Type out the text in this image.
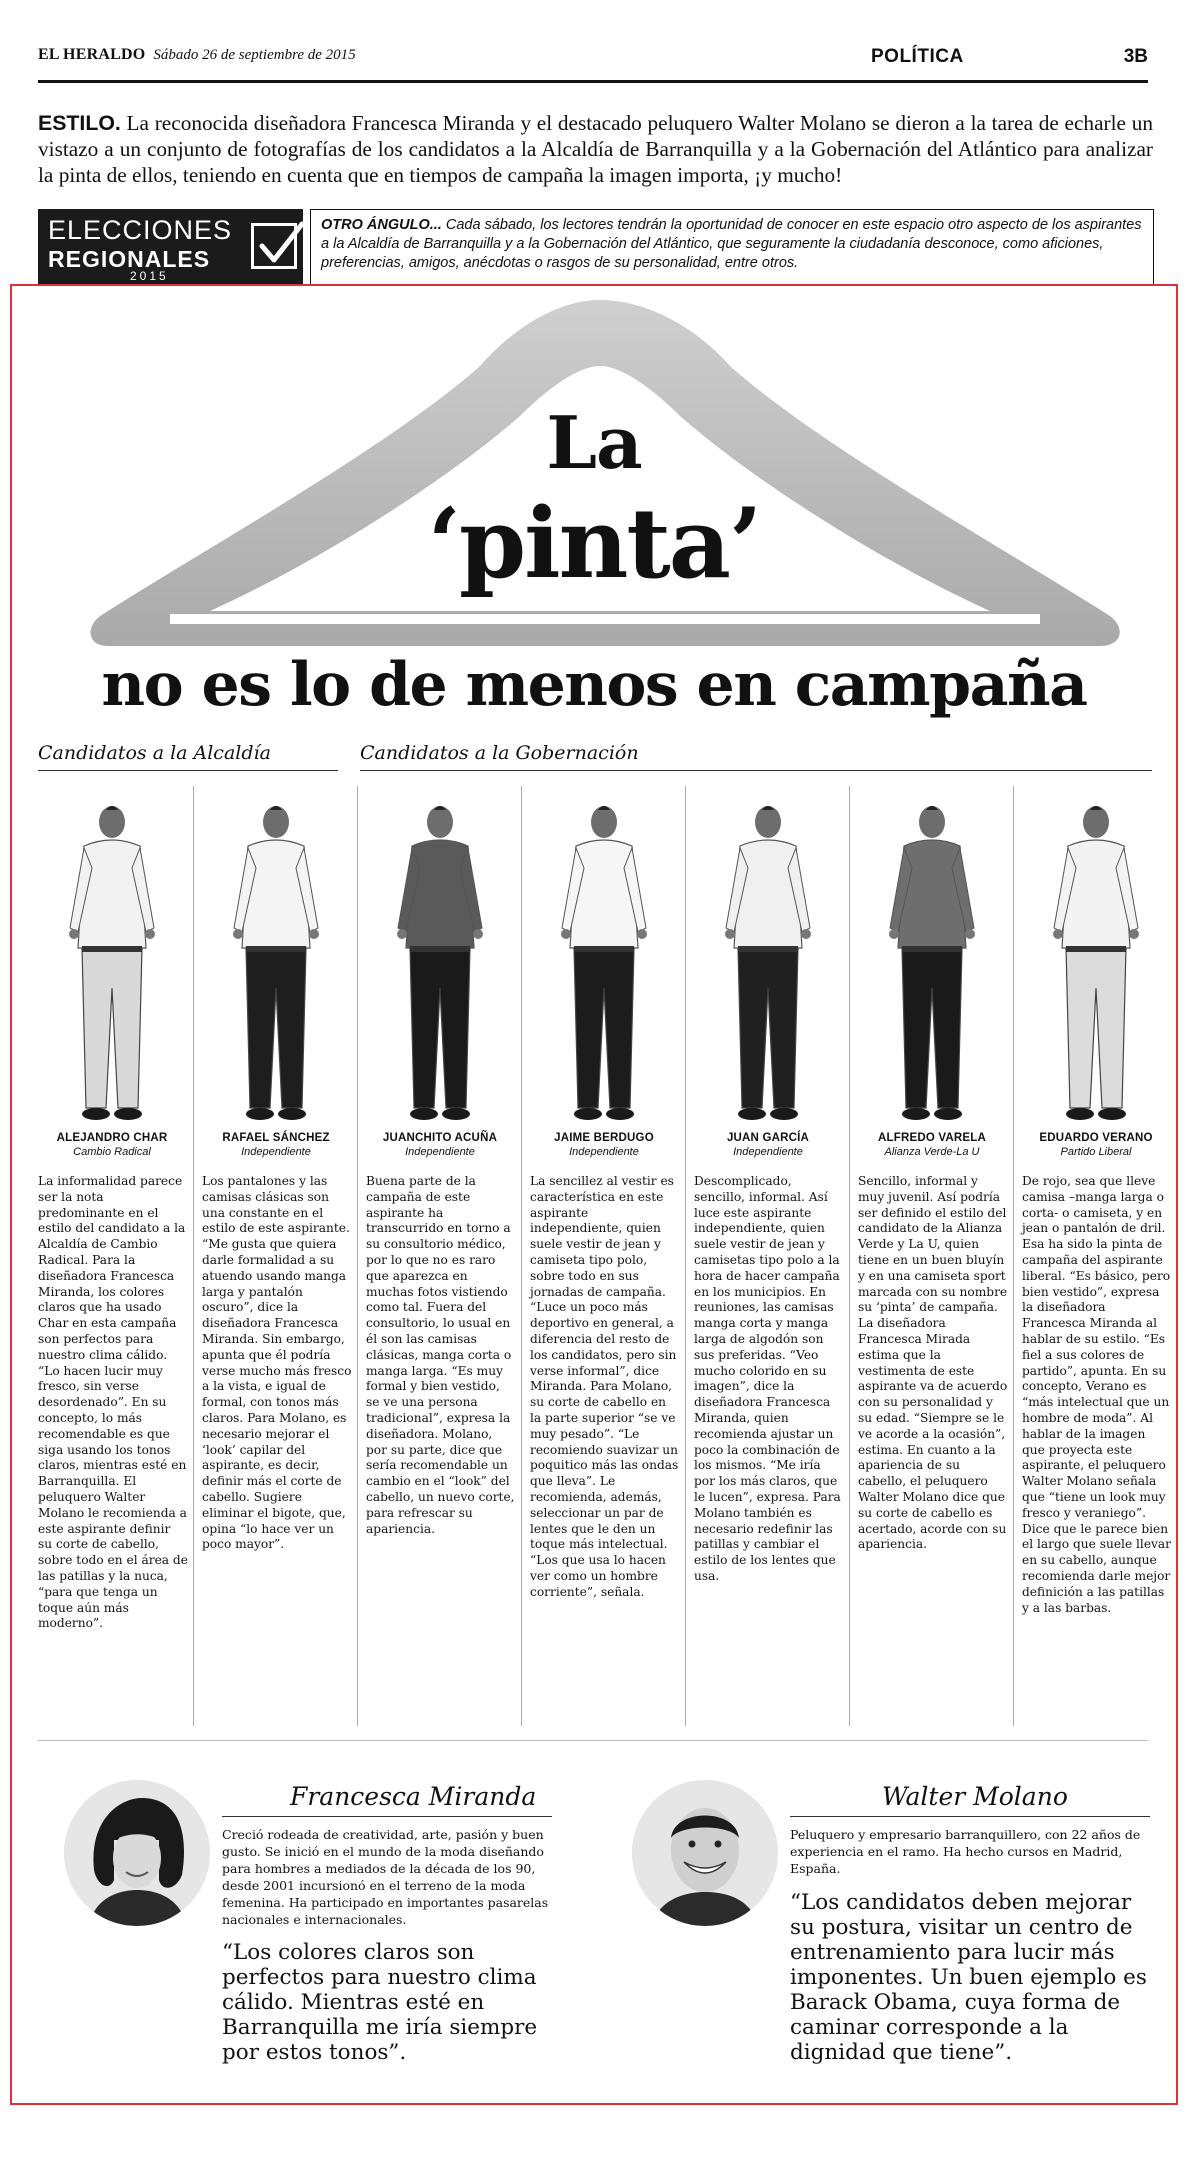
EL HERALDO Sábado 26 de septiembre de 2015	POLÍTICA	3B

ESTILO. La reconocida diseñadora Francesca Miranda y el destacado peluquero Walter Molano se dieron a la tarea de echarle un vistazo a un conjunto de fotografías de los candidatos a la Alcaldía de Barranquilla y a la Gobernación del Atlántico para analizar la pinta de ellos, teniendo en cuenta que en tiempos de campaña la imagen importa, ¡y mucho!

ELECCIONES
REGIONALES
2015
OTRO ÁNGULO... Cada sábado, los lectores tendrán la oportunidad de conocer en este espacio otro aspecto de los aspirantes a la Alcaldía de Barranquilla y a la Gobernación del Atlántico, que seguramente la ciudadanía desconoce, como aficiones, preferencias, amigos, anécdotas o rasgos de su personalidad, entre otros.
La
‘pinta’
no es lo de menos en campaña
Candidatos a la Alcaldía	Candidatos a la Gobernación
ALEJANDRO CHAR
Cambio Radical
La informalidad parece ser la nota predominante en el estilo del candidato a la Alcaldía de Cambio Radical. Para la diseñadora Francesca Miranda, los colores claros que ha usado Char en esta campaña son perfectos para nuestro clima cálido. “Lo hacen lucir muy fresco, sin verse desordenado”. En su concepto, lo más recomendable es que siga usando los tonos claros, mientras esté en Barranquilla. El peluquero Walter Molano le recomienda a este aspirante definir su corte de cabello, sobre todo en el área de las patillas y la nuca, “para que tenga un toque aún más moderno”.
RAFAEL SÁNCHEZ
Independiente
Los pantalones y las camisas clásicas son una constante en el estilo de este aspirante. “Me gusta que quiera darle formalidad a su atuendo usando manga larga y pantalón oscuro”, dice la diseñadora Francesca Miranda. Sin embargo, apunta que él podría verse mucho más fresco a la vista, e igual de formal, con tonos más claros. Para Molano, es necesario mejorar el ‘look’ capilar del aspirante, es decir, definir más el corte de cabello. Sugiere eliminar el bigote, que, opina “lo hace ver un poco mayor”.
JUANCHITO ACUÑA
Independiente
Buena parte de la campaña de este aspirante ha transcurrido en torno a su consultorio médico, por lo que no es raro que aparezca en muchas fotos vistiendo como tal. Fuera del consultorio, lo usual en él son las camisas clásicas, manga corta o manga larga. “Es muy formal y bien vestido, se ve una persona tradicional”, expresa la diseñadora. Molano, por su parte, dice que sería recomendable un cambio en el “look” del cabello, un nuevo corte, para refrescar su apariencia.
JAIME BERDUGO
Independiente
La sencillez al vestir es característica en este aspirante independiente, quien suele vestir de jean y camiseta tipo polo, sobre todo en sus jornadas de campaña. “Luce un poco más deportivo en general, a diferencia del resto de los candidatos, pero sin verse informal”, dice Miranda. Para Molano, su corte de cabello en la parte superior “se ve muy pesado”. “Le recomiendo suavizar un poquitico más las ondas que lleva”. Le recomienda, además, seleccionar un par de lentes que le den un toque más intelectual. “Los que usa lo hacen ver como un hombre corriente”, señala.
JUAN GARCÍA
Independiente
Descomplicado, sencillo, informal. Así luce este aspirante independiente, quien suele vestir de jean y camisetas tipo polo a la hora de hacer campaña en los municipios. En reuniones, las camisas manga corta y manga larga de algodón son sus preferidas. “Veo mucho colorido en su imagen”, dice la diseñadora Francesca Miranda, quien recomienda ajustar un poco la combinación de los mismos. “Me iría por los más claros, que le lucen”, expresa. Para Molano también es necesario redefinir las patillas y cambiar el estilo de los lentes que usa.
ALFREDO VARELA
Alianza Verde-La U
Sencillo, informal y muy juvenil. Así podría ser definido el estilo del candidato de la Alianza Verde y La U, quien tiene en un buen bluyín y en una camiseta sport marcada con su nombre su ‘pinta’ de campaña. La diseñadora Francesca Mirada estima que la vestimenta de este aspirante va de acuerdo con su personalidad y su edad. “Siempre se le ve acorde a la ocasión”, estima. En cuanto a la apariencia de su cabello, el peluquero Walter Molano dice que su corte de cabello es acertado, acorde con su apariencia.
EDUARDO VERANO
Partido Liberal
De rojo, sea que lleve camisa –manga larga o corta- o camiseta, y en jean o pantalón de dril. Esa ha sido la pinta de campaña del aspirante liberal. “Es básico, pero bien vestido”, expresa la diseñadora Francesca Miranda al hablar de su estilo. “Es fiel a sus colores de partido”, apunta. En su concepto, Verano es “más intelectual que un hombre de moda”. Al hablar de la imagen que proyecta este aspirante, el peluquero Walter Molano señala que “tiene un look muy fresco y veraniego”. Dice que le parece bien el largo que suele llevar en su cabello, aunque recomienda darle mejor definición a las patillas y a las barbas.
Francesca Miranda
Creció rodeada de creatividad, arte, pasión y buen gusto. Se inició en el mundo de la moda diseñando para hombres a mediados de la década de los 90, desde 2001 incursionó en el terreno de la moda femenina. Ha participado en importantes pasarelas nacionales e internacionales.
“Los colores claros son perfectos para nuestro clima cálido. Mientras esté en Barranquilla me iría siempre por estos tonos”.
Walter Molano
Peluquero y empresario barranquillero, con 22 años de experiencia en el ramo. Ha hecho cursos en Madrid, España.
“Los candidatos deben mejorar su postura, visitar un centro de entrenamiento para lucir más imponentes. Un buen ejemplo es Barack Obama, cuya forma de caminar corresponde a la dignidad que tiene”.
